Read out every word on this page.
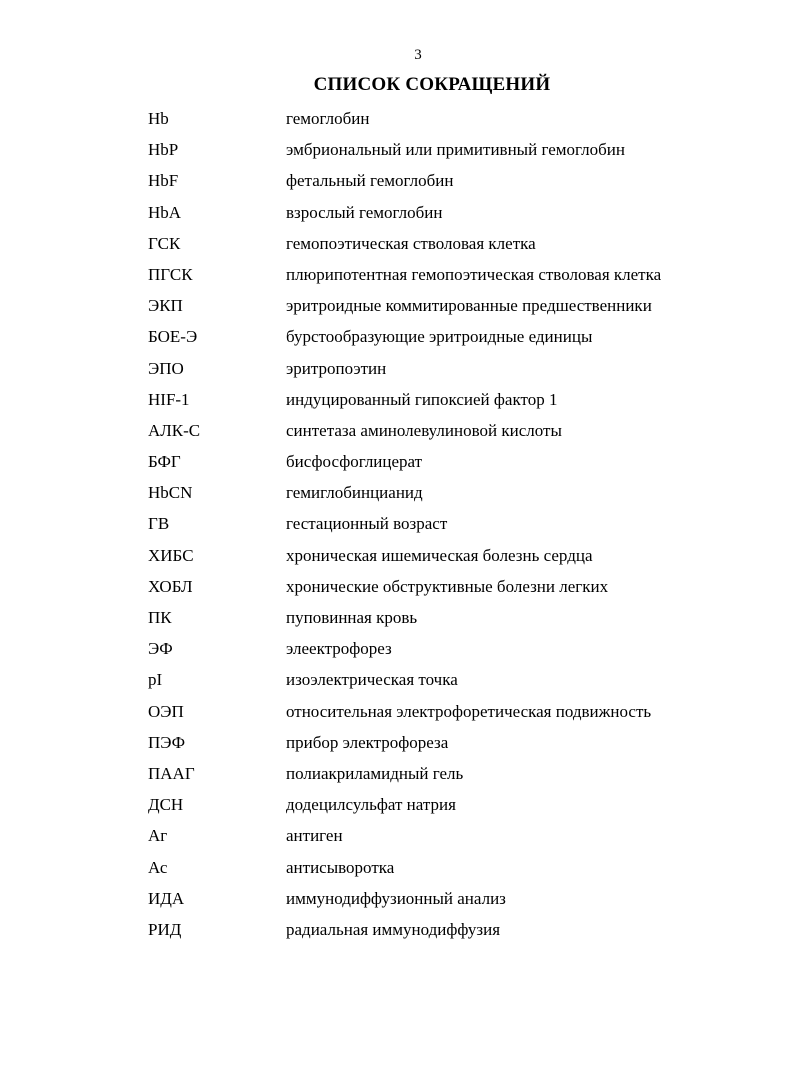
3
СПИСОК СОКРАЩЕНИЙ
Hb	гемоглобин
HbP	эмбриональный или примитивный гемоглобин
HbF	фетальный гемоглобин
HbA	взрослый гемоглобин
ГСК	гемопоэтическая стволовая клетка
ПГСК	плюрипотентная гемопоэтическая стволовая клетка
ЭКП	эритроидные коммитированные предшественники
БОЕ-Э	бурстообразующие эритроидные единицы
ЭПО	эритропоэтин
HIF-1	индуцированный гипоксией фактор 1
АЛК-С	синтетаза аминолевулиновой кислоты
БФГ	бисфосфоглицерат
HbCN	гемиглобинцианид
ГВ	гестационный возраст
ХИБС	хроническая ишемическая болезнь сердца
ХОБЛ	хронические обструктивные болезни легких
ПК	пуповинная кровь
ЭФ	элеектрофорез
pI	изоэлектрическая точка
ОЭП	относительная электрофоретическая подвижность
ПЭФ	прибор электрофореза
ПААГ	полиакриламидный гель
ДСН	додецилсульфат натрия
Аг	антиген
Ас	антисыворотка
ИДА	иммунодиффузионный анализ
РИД	радиальная иммунодиффузия
